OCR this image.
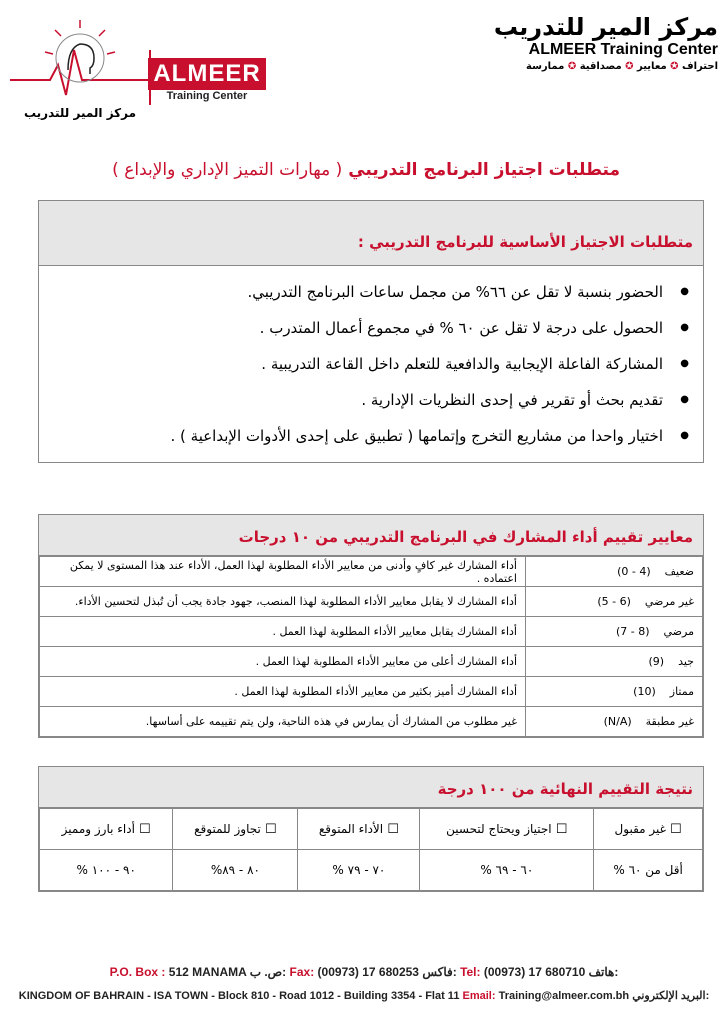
مركز المير للتدريب
ALMEER
Training Center
مركز المير للتدريب
ALMEER Training Center
احتراف ✪ معايير ✪ مصداقية ✪ ممارسة
متطلبات اجتياز البرنامج التدريبي ( مهارات التميز الإداري والإبداع )
متطلبات الاجتياز الأساسية للبرنامج التدريبي :
● الحضور بنسبة لا تقل عن ٦٦% من مجمل ساعات البرنامج التدريبي.
● الحصول على درجة لا تقل عن ٦٠ % في مجموع أعمال المتدرب .
● المشاركة الفاعلة الإيجابية والدافعية للتعلم داخل القاعة التدريبية .
● تقديم بحث أو تقرير في إحدى النظريات الإدارية .
● اختيار واحدا من مشاريع التخرج وإتمامها ( تطبيق على إحدى الأدوات الإبداعية ) .
معايير تقييم أداء المشارك في البرنامج التدريبي من ١٠ درجات
أداء المشارك غير كافٍ وأدنى من معايير الأداء المطلوبة لهذا العمل، الأداء عند هذا المستوى لا يمكن اعتماده .	ضعيف(4 - 0)
أداء المشارك لا يقابل معايير الأداء المطلوبة لهذا المنصب، جهود جادة يجب أن تُبذل لتحسين الأداء.	غير مرضي(6 - 5)
أداء المشارك يقابل معايير الأداء المطلوبة لهذا العمل .	مرضي(8 - 7)
أداء المشارك أعلى من معايير الأداء المطلوبة لهذا العمل .	جيد(9)
أداء المشارك أميز بكثير من معايير الأداء المطلوبة لهذا العمل .	ممتاز(10)
غير مطلوب من المشارك أن يمارس في هذه الناحية، ولن يتم تقييمه على أساسها.	غير مطبقة(N/A)
نتيجة التقييم النهائية من ١٠٠ درجة
☐ أداء بارز ومميز	☐ تجاوز للمتوقع	☐ الأداء المتوقع	☐ اجتياز ويحتاج لتحسين	☐ غير مقبول
٩٠ - ١٠٠ %	٨٠ - ٨٩%	٧٠ - ٧٩ %	٦٠ - ٦٩ %	أقل من ٦٠ %
P.O. Box : 512 MANAMA ص. ب: Fax: (00973) 17 680253 فاكس: Tel: (00973) 17 680710 هاتف:
KINGDOM OF BAHRAIN - ISA TOWN - Block 810 - Road 1012 - Building 3354 - Flat 11 Email: Training@almeer.com.bh البريد الإلكتروني:
